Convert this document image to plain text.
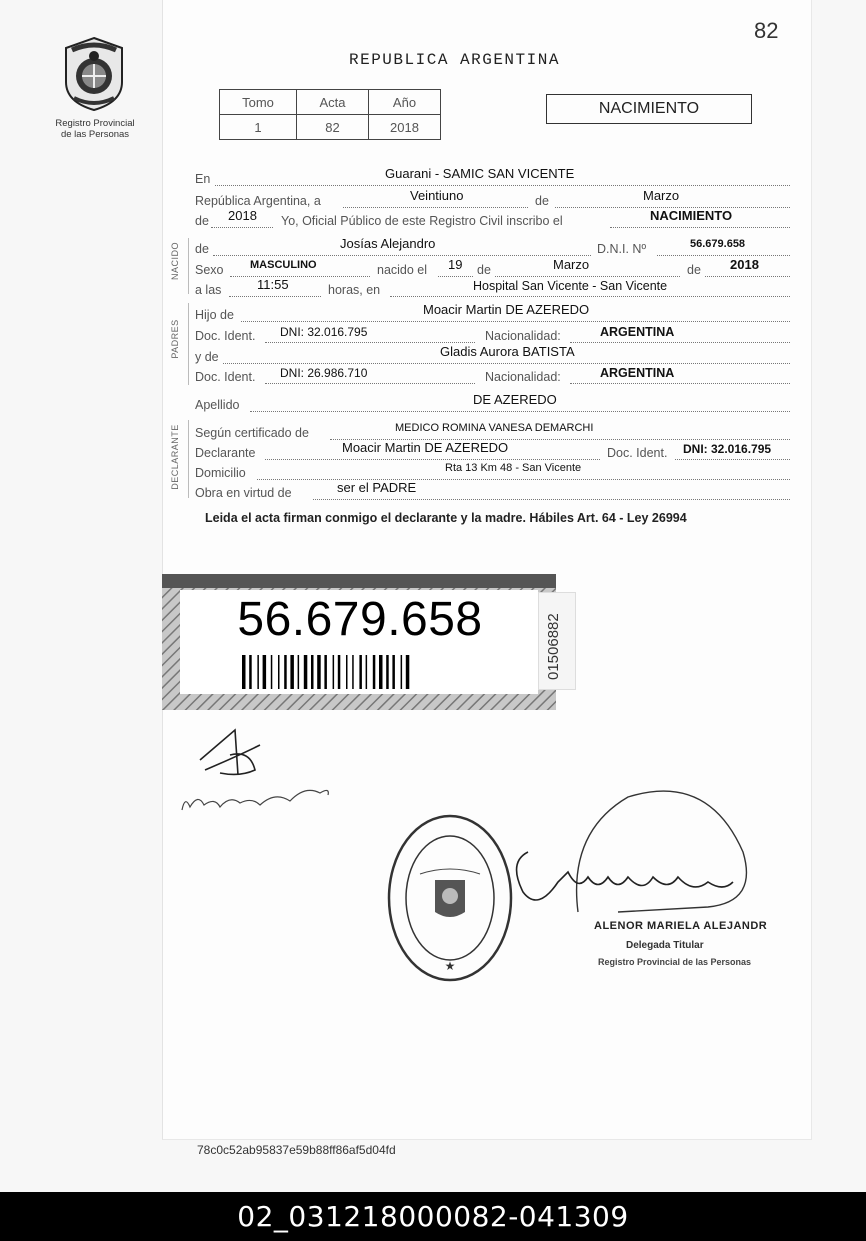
82
Registro Provincial
de las Personas
REPUBLICA ARGENTINA
Tomo	Acta	Año
1	82	2018
NACIMIENTO
En	Guarani - SAMIC SAN VICENTE
República Argentina, a	Veintiuno	de	Marzo
de 2018 Yo, Oficial Público de este Registro Civil inscribo el	NACIMIENTO
NACIDO de	Josías Alejandro	D.N.I. Nº	56.679.658
Sexo MASCULINO	nacido el 19 de	Marzo	de 2018
a las	11:55	horas, en	Hospital San Vicente - San Vicente
PADRES
Hijo de	Moacir Martin DE AZEREDO
Doc. Ident. DNI: 32.016.795	Nacionalidad:	ARGENTINA
y de	Gladis Aurora BATISTA
Doc. Ident. DNI: 26.986.710	Nacionalidad:	ARGENTINA
Apellido	DE AZEREDO
DECLARANTE Según certificado de	MEDICO ROMINA VANESA DEMARCHI
Declarante	Moacir Martin DE AZEREDO	Doc. Ident. DNI: 32.016.795
Domicilio	Rta 13 Km 48 - San Vicente
Obra en virtud de	ser el PADRE
Leida el acta firman conmigo el declarante y la madre. Hábiles Art. 64 - Ley 26994
56.679.658	01506882
★
ALENOR MARIELA ALEJANDR
Delegada Titular
Registro Provincial de las Personas
78c0c52ab95837e59b88ff86af5d04fd
02_031218000082-041309
